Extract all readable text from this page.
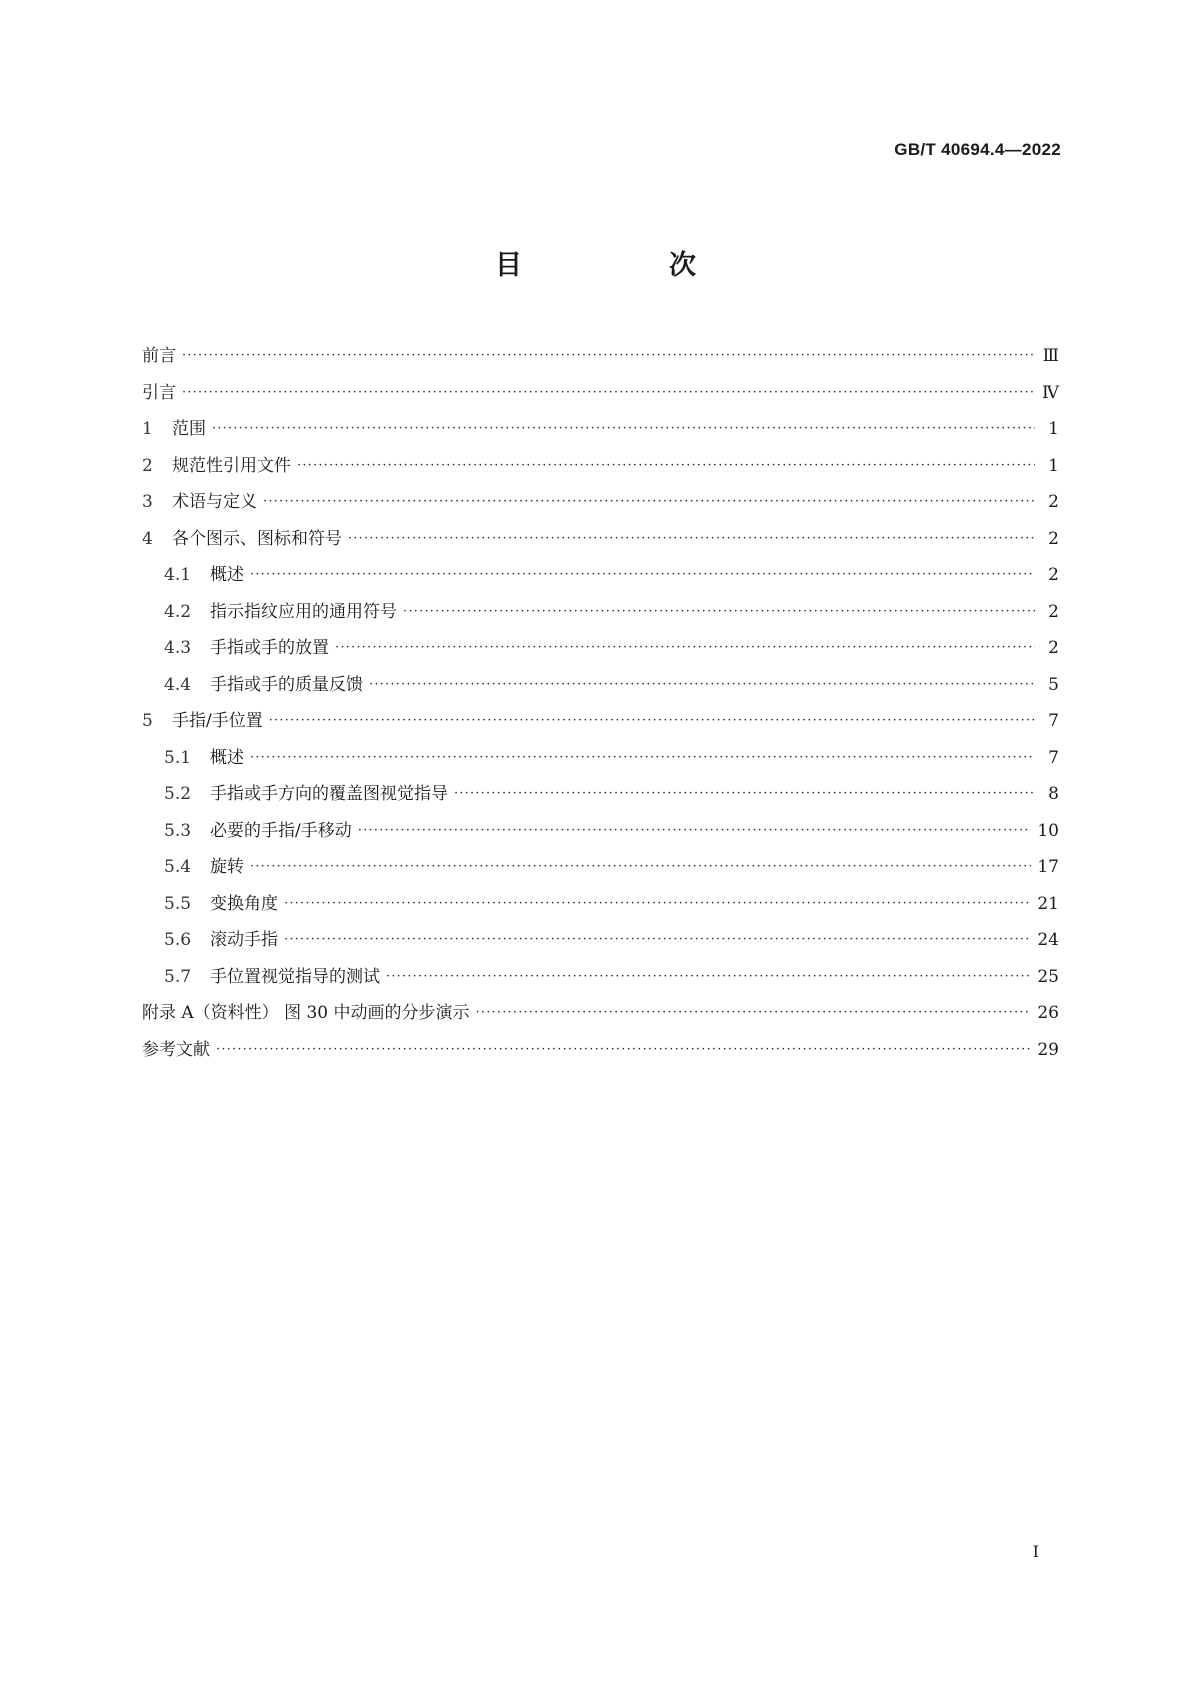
GB/T 40694.4—2022
目　次
前言 ·····	Ⅲ
引言 ·····	Ⅳ
1 范围 ·····	1
2 规范性引用文件 ·····	1
3 术语与定义 ·····	2
4 各个图示、图标和符号 ·····	2
4.1 概述 ·····	2
4.2 指示指纹应用的通用符号 ·····	2
4.3 手指或手的放置 ·····	2
4.4 手指或手的质量反馈 ·····	5
5 手指/手位置 ·····	7
5.1 概述 ·····	7
5.2 手指或手方向的覆盖图视觉指导 ·····	8
5.3 必要的手指/手移动 ·····	10
5.4 旋转 ·····	17
5.5 变换角度 ·····	21
5.6 滚动手指 ·····	24
5.7 手位置视觉指导的测试 ·····	25
附录 A（资料性） 图 30 中动画的分步演示 ·····	26
参考文献 ·····	29
I
